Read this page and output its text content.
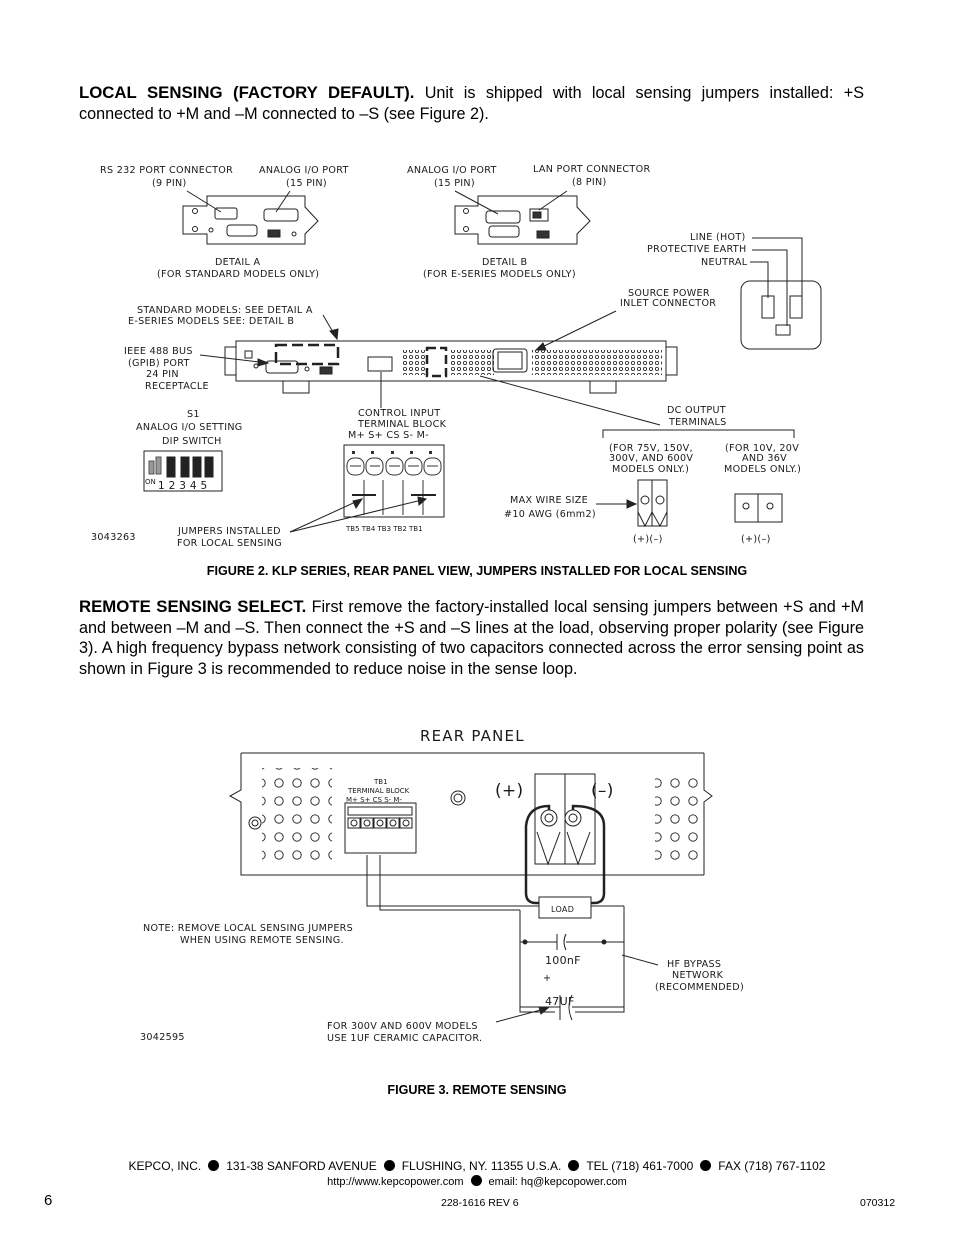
LOCAL SENSING (FACTORY DEFAULT). Unit is shipped with local sensing jumpers installed: +S connected to +M and –M connected to –S (see Figure 2).
RS 232 PORT CONNECTOR
(9 PIN)
ANALOG I/O PORT
(15 PIN)
ANALOG I/O PORT
(15 PIN)
LAN PORT CONNECTOR
(8 PIN)
DETAIL A
(FOR STANDARD MODELS ONLY)
DETAIL B
(FOR E-SERIES MODELS ONLY)
LINE (HOT)
PROTECTIVE EARTH
NEUTRAL
SOURCE POWER
INLET CONNECTOR
STANDARD MODELS: SEE DETAIL A
E-SERIES MODELS SEE: DETAIL B
IEEE 488 BUS
(GPIB) PORT
24 PIN
RECEPTACLE
S1
ANALOG I/O SETTING
DIP SWITCH
ON 1 2 3 4 5
CONTROL INPUT
TERMINAL BLOCK
M+ S+ CS S- M-
TB5 TB4 TB3 TB2 TB1
DC OUTPUT
TERMINALS
(FOR 75V, 150V,
300V, AND 600V
MODELS ONLY.)
(FOR 10V, 20V
AND 36V
MODELS ONLY.)
MAX WIRE SIZE
#10 AWG (6mm2)
(+)(–)	(+)(–)
JUMPERS INSTALLED
FOR LOCAL SENSING
3043263
FIGURE 2. KLP SERIES, REAR PANEL VIEW, JUMPERS INSTALLED FOR LOCAL SENSING
REMOTE SENSING SELECT. First remove the factory-installed local sensing jumpers between +S and +M and between –M and –S. Then connect the +S and –S lines at the load, observing proper polarity (see Figure 3). A high frequency bypass network consisting of two capacitors connected across the error sensing point as shown in Figure 3 is recommended to reduce noise in the sense loop.
REAR PANEL
(+)	(–)
TB1
TERMINAL BLOCK
M+ S+ CS S- M-
LOAD
NOTE: REMOVE LOCAL SENSING JUMPERS
WHEN USING REMOTE SENSING.
100nF
+
47UF
HF BYPASS
NETWORK
(RECOMMENDED)
FOR 300V AND 600V MODELS
USE 1UF CERAMIC CAPACITOR.
3042595
FIGURE 3. REMOTE SENSING
KEPCO, INC. 131-38 SANFORD AVENUE FLUSHING, NY. 11355 U.S.A. TEL (718) 461-7000 FAX (718) 767-1102
http://www.kepcopower.com email: hq@kepcopower.com
6	228-1616 REV 6	070312
